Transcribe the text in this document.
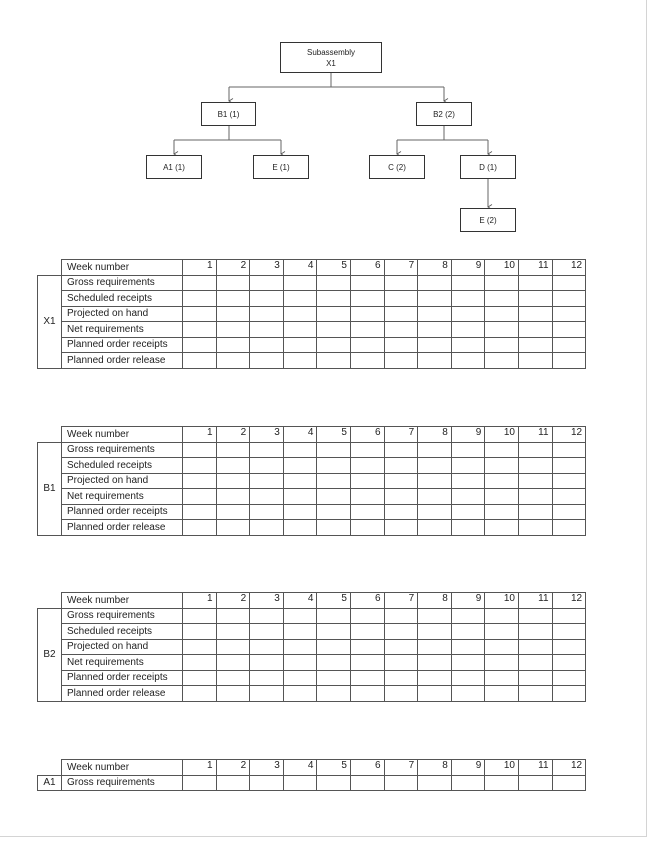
Subassembly
X1
B1 (1)	B2 (2)
A1 (1)	E (1)	C (2)	D (1)
E (2)
	Week number	1	2	3	4	5	6	7	8	9	10	11	12
X1	Gross requirements												
	Scheduled receipts												
	Projected on hand												
	Net requirements												
	Planned order receipts												
	Planned order release												
	Week number	1	2	3	4	5	6	7	8	9	10	11	12
B1	Gross requirements												
	Scheduled receipts												
	Projected on hand												
	Net requirements												
	Planned order receipts												
	Planned order release												
	Week number	1	2	3	4	5	6	7	8	9	10	11	12
B2	Gross requirements												
	Scheduled receipts												
	Projected on hand												
	Net requirements												
	Planned order receipts												
	Planned order release												
	Week number	1	2	3	4	5	6	7	8	9	10	11	12
A1	Gross requirements												
